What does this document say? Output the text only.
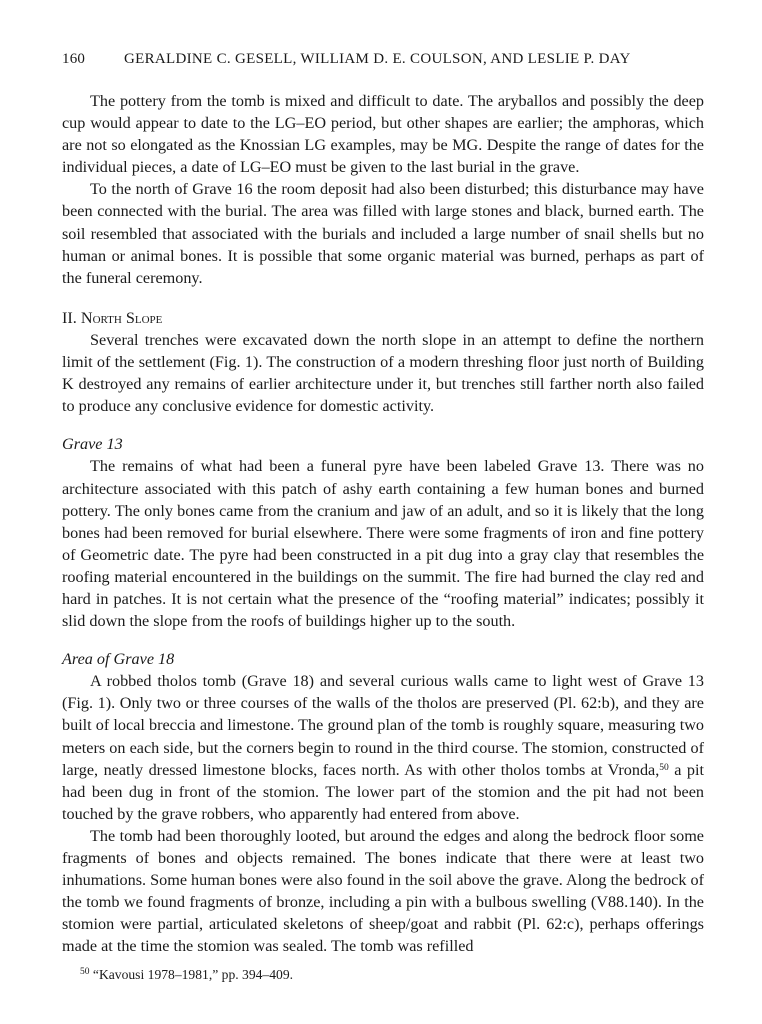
160	GERALDINE C. GESELL, WILLIAM D. E. COULSON, AND LESLIE P. DAY

The pottery from the tomb is mixed and difficult to date. The aryballos and possibly the deep cup would appear to date to the LG–EO period, but other shapes are earlier; the amphoras, which are not so elongated as the Knossian LG examples, may be MG. Despite the range of dates for the individual pieces, a date of LG–EO must be given to the last burial in the grave.

To the north of Grave 16 the room deposit had also been disturbed; this disturbance may have been connected with the burial. The area was filled with large stones and black, burned earth. The soil resembled that associated with the burials and included a large number of snail shells but no human or animal bones. It is possible that some organic material was burned, perhaps as part of the funeral ceremony.

II. North Slope

Several trenches were excavated down the north slope in an attempt to define the northern limit of the settlement (Fig. 1). The construction of a modern threshing floor just north of Building K destroyed any remains of earlier architecture under it, but trenches still farther north also failed to produce any conclusive evidence for domestic activity.

Grave 13

The remains of what had been a funeral pyre have been labeled Grave 13. There was no architecture associated with this patch of ashy earth containing a few human bones and burned pottery. The only bones came from the cranium and jaw of an adult, and so it is likely that the long bones had been removed for burial elsewhere. There were some fragments of iron and fine pottery of Geometric date. The pyre had been constructed in a pit dug into a gray clay that resembles the roofing material encountered in the buildings on the summit. The fire had burned the clay red and hard in patches. It is not certain what the presence of the “roofing material” indicates; possibly it slid down the slope from the roofs of buildings higher up to the south.

Area of Grave 18

A robbed tholos tomb (Grave 18) and several curious walls came to light west of Grave 13 (Fig. 1). Only two or three courses of the walls of the tholos are preserved (Pl. 62:b), and they are built of local breccia and limestone. The ground plan of the tomb is roughly square, measuring two meters on each side, but the corners begin to round in the third course. The stomion, constructed of large, neatly dressed limestone blocks, faces north. As with other tholos tombs at Vronda,$^{50}$ a pit had been dug in front of the stomion. The lower part of the stomion and the pit had not been touched by the grave robbers, who apparently had entered from above.

The tomb had been thoroughly looted, but around the edges and along the bedrock floor some fragments of bones and objects remained. The bones indicate that there were at least two inhumations. Some human bones were also found in the soil above the grave. Along the bedrock of the tomb we found fragments of bronze, including a pin with a bulbous swelling (V88.140). In the stomion were partial, articulated skeletons of sheep/goat and rabbit (Pl. 62:c), perhaps offerings made at the time the stomion was sealed. The tomb was refilled

$^{50}$ “Kavousi 1978–1981,” pp. 394–409.
